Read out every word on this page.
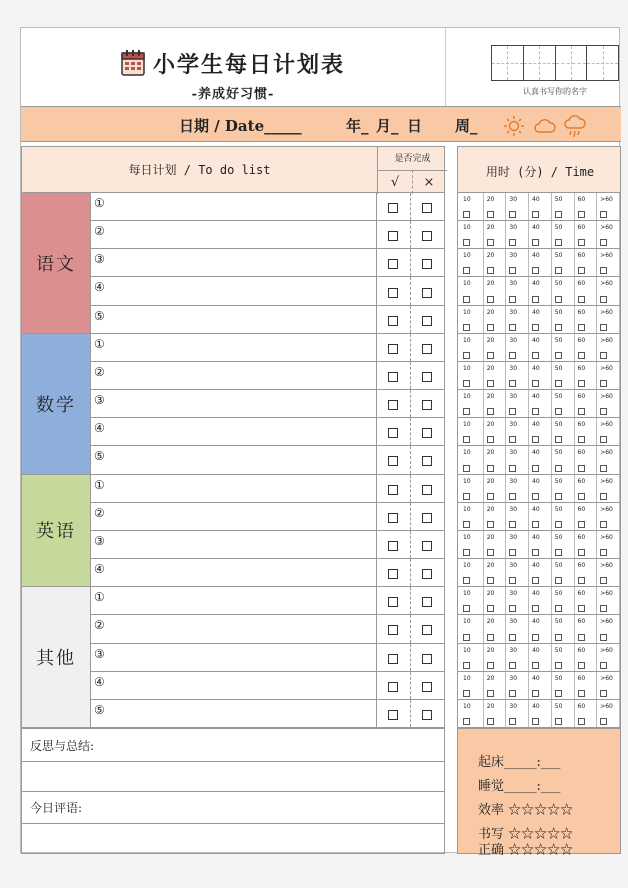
小学生每日计划表
-养成好习惯-	认真书写你的名字
日期 / Date_____	年_ 月_ 日 周_
每日计划 / To do list
是否完成
√	×
用时 (分) / Time
语文
①	10	20	30	40	50	60	>60
②	10	20	30	40	50	60	>60
③	10	20	30	40	50	60	>60
④	10	20	30	40	50	60	>60
⑤	10	20	30	40	50	60	>60
数学
①	10	20	30	40	50	60	>60
②	10	20	30	40	50	60	>60
③	10	20	30	40	50	60	>60
④	10	20	30	40	50	60	>60
⑤	10	20	30	40	50	60	>60
英语
①	10	20	30	40	50	60	>60
②	10	20	30	40	50	60	>60
③	10	20	30	40	50	60	>60
④	10	20	30	40	50	60	>60
其他
①	10	20	30	40	50	60	>60
②	10	20	30	40	50	60	>60
③	10	20	30	40	50	60	>60
④	10	20	30	40	50	60	>60
⑤	10	20	30	40	50	60	>60
反思与总结:
今日评语:
起床_____:___
睡觉_____:___
效率 ☆☆☆☆☆
书写 ☆☆☆☆☆
正确 ☆☆☆☆☆
